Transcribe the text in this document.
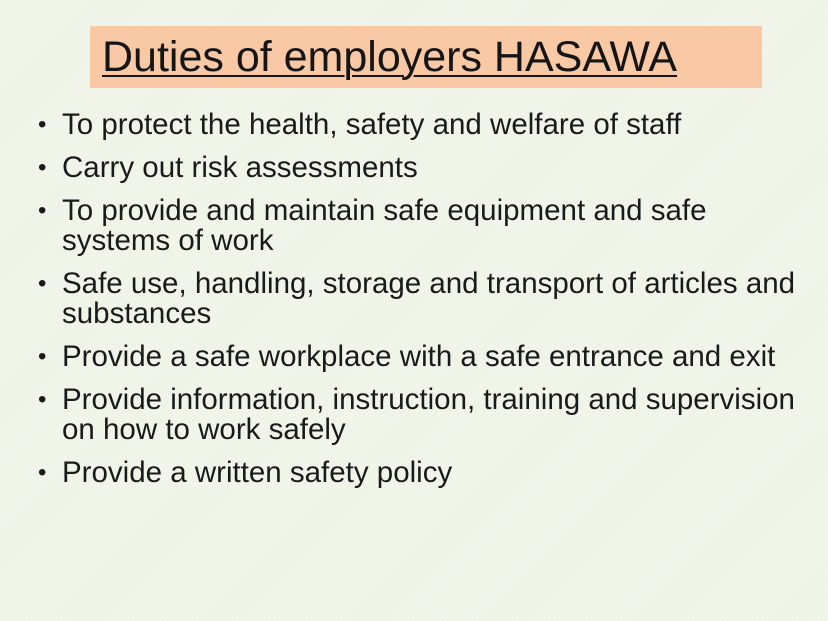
Duties of employers HASAWA
• To protect the health, safety and welfare of staff
• Carry out risk assessments
• To provide and maintain safe equipment and safe systems of work
• Safe use, handling, storage and transport of articles and substances
• Provide a safe workplace with a safe entrance and exit
• Provide information, instruction, training and supervision on how to work safely
• Provide a written safety policy
